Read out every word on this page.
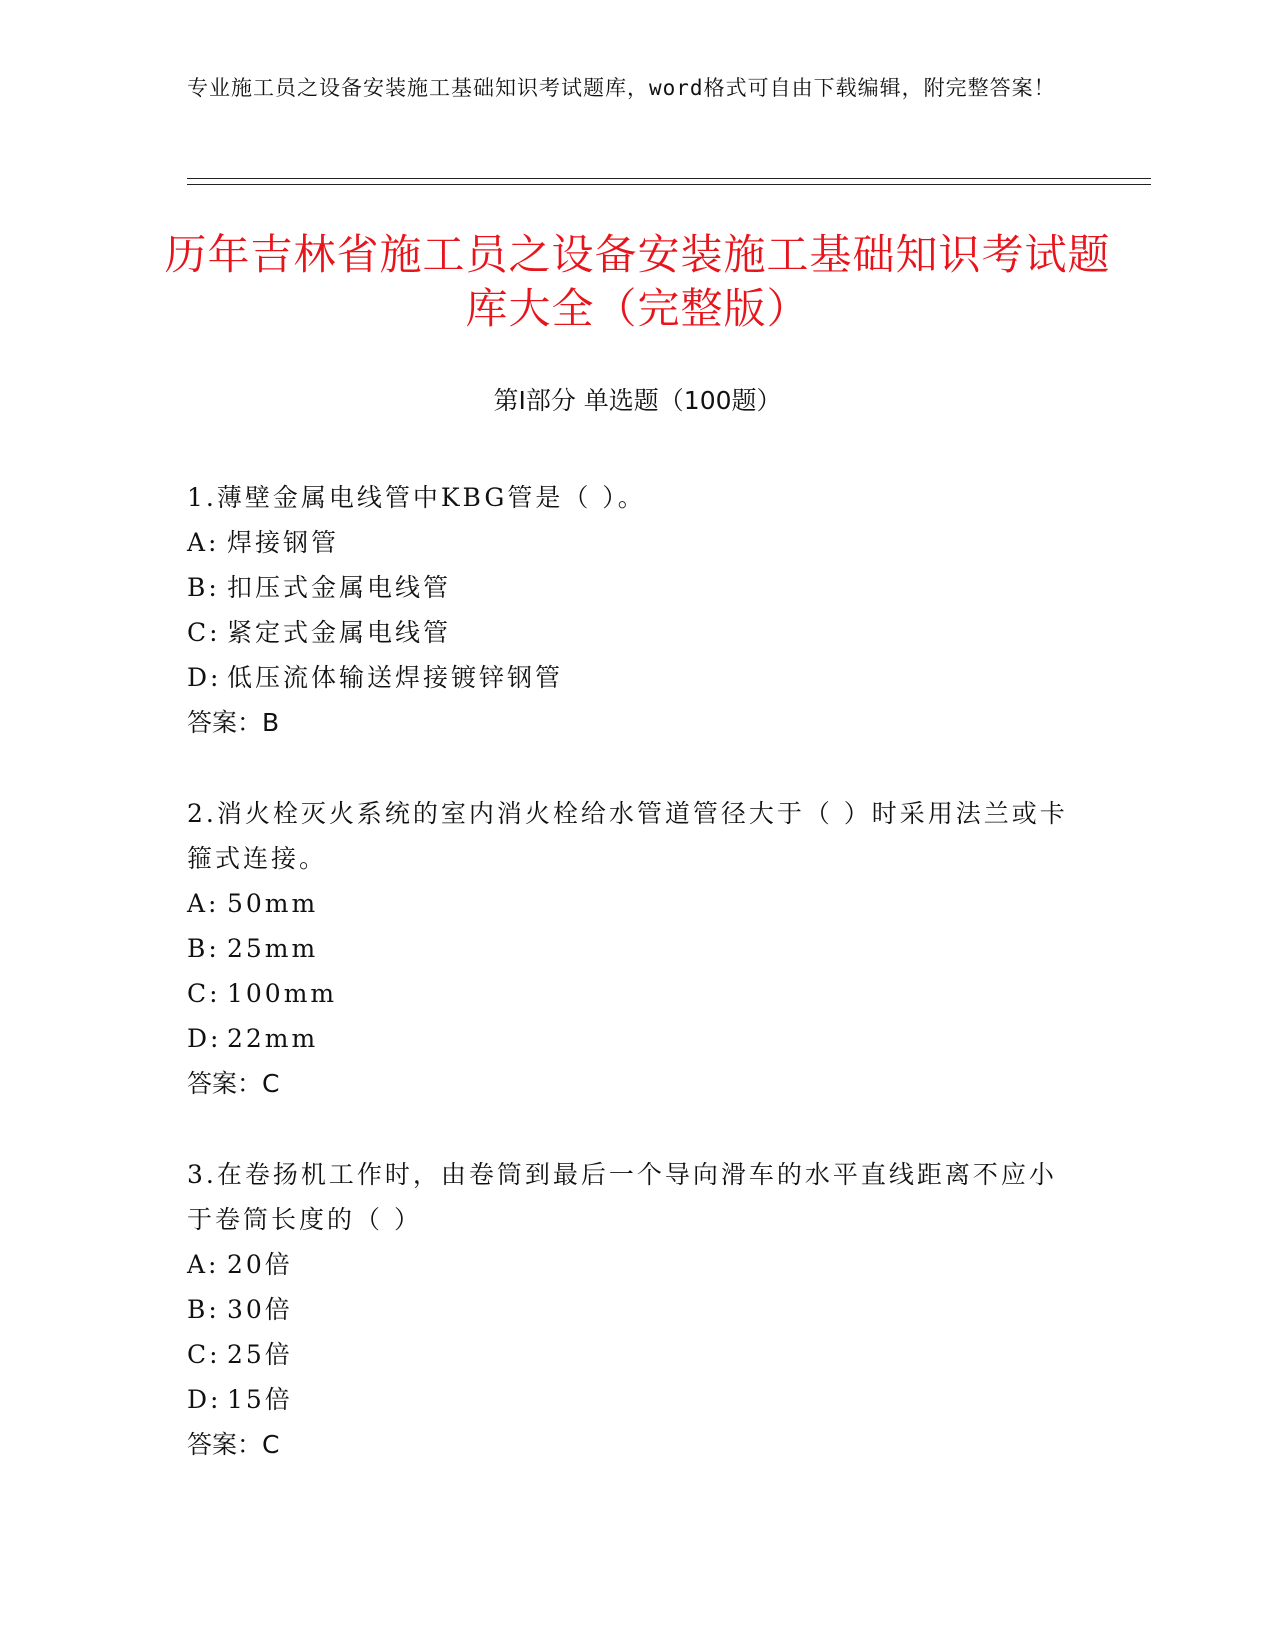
专业施工员之设备安装施工基础知识考试题库，word格式可自由下载编辑，附完整答案！
历年吉林省施工员之设备安装施工基础知识考试题库大全（完整版）
第Ⅰ部分 单选题（100题）
1.薄壁金属电线管中KBG管是（ ）。
A: 焊接钢管
B: 扣压式金属电线管
C: 紧定式金属电线管
D: 低压流体输送焊接镀锌钢管
答案：B
2.消火栓灭火系统的室内消火栓给水管道管径大于（ ）时采用法兰或卡箍式连接。
A: 50mm
B: 25mm
C: 100mm
D: 22mm
答案：C
3.在卷扬机工作时，由卷筒到最后一个导向滑车的水平直线距离不应小于卷筒长度的（ ）
A: 20倍
B: 30倍
C: 25倍
D: 15倍
答案：C
